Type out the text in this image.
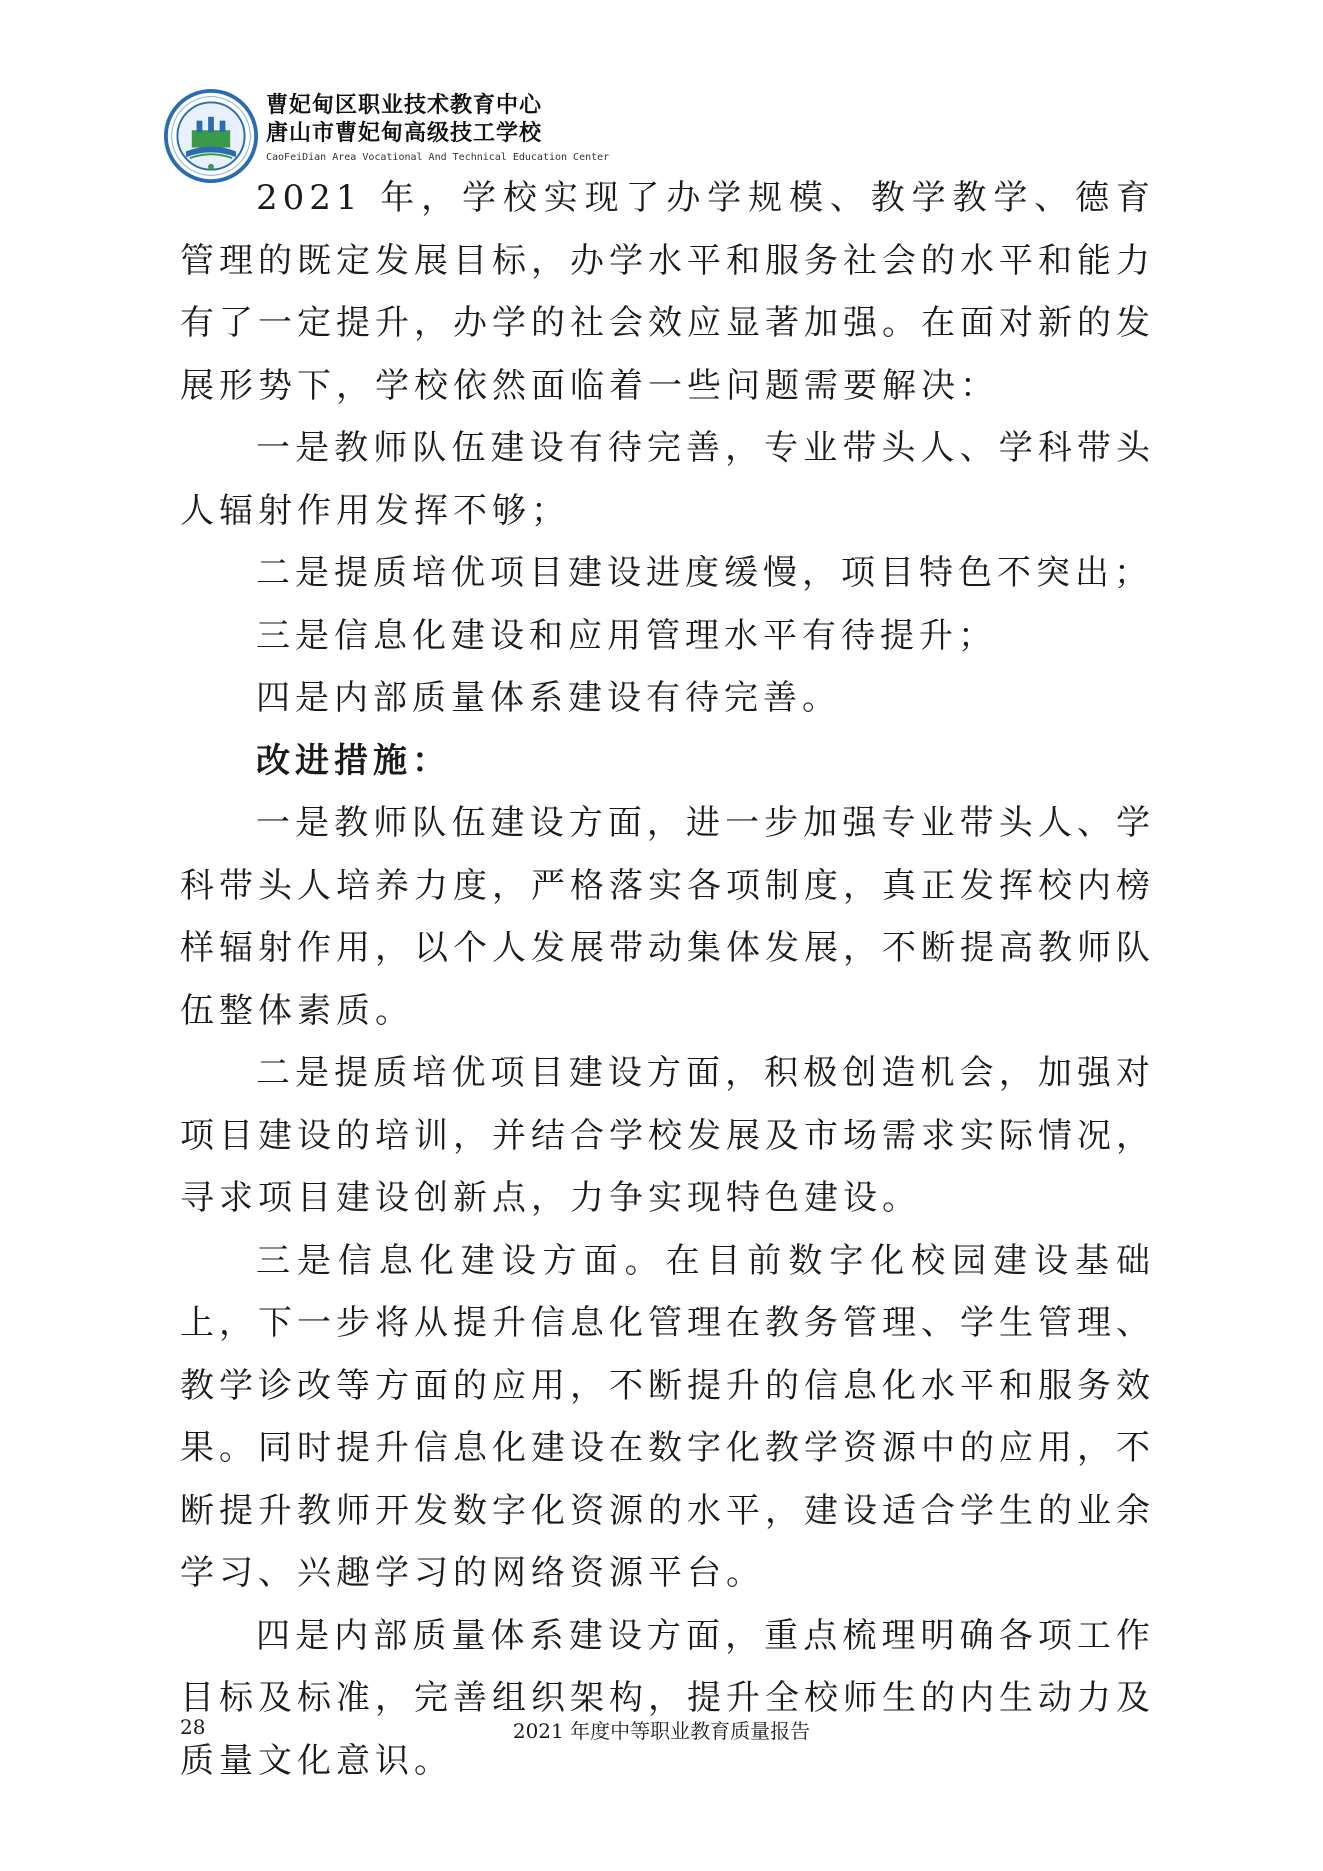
曹妃甸区职业技术教育中心
唐山市曹妃甸高级技工学校
CaoFeiDian Area Vocational And Technical Education Center

2021 年，学校实现了办学规模、教学教学、德育管理的既定发展目标，办学水平和服务社会的水平和能力有了一定提升，办学的社会效应显著加强。在面对新的发展形势下，学校依然面临着一些问题需要解决：

一是教师队伍建设有待完善，专业带头人、学科带头人辐射作用发挥不够；

二是提质培优项目建设进度缓慢，项目特色不突出；

三是信息化建设和应用管理水平有待提升；

四是内部质量体系建设有待完善。

改进措施：

一是教师队伍建设方面，进一步加强专业带头人、学科带头人培养力度，严格落实各项制度，真正发挥校内榜样辐射作用，以个人发展带动集体发展，不断提高教师队伍整体素质。

二是提质培优项目建设方面，积极创造机会，加强对项目建设的培训，并结合学校发展及市场需求实际情况，寻求项目建设创新点，力争实现特色建设。

三是信息化建设方面。在目前数字化校园建设基础上，下一步将从提升信息化管理在教务管理、学生管理、教学诊改等方面的应用，不断提升的信息化水平和服务效果。同时提升信息化建设在数字化教学资源中的应用，不断提升教师开发数字化资源的水平，建设适合学生的业余学习、兴趣学习的网络资源平台。

四是内部质量体系建设方面，重点梳理明确各项工作目标及标准，完善组织架构，提升全校师生的内生动力及质量文化意识。

28	2021 年度中等职业教育质量报告
